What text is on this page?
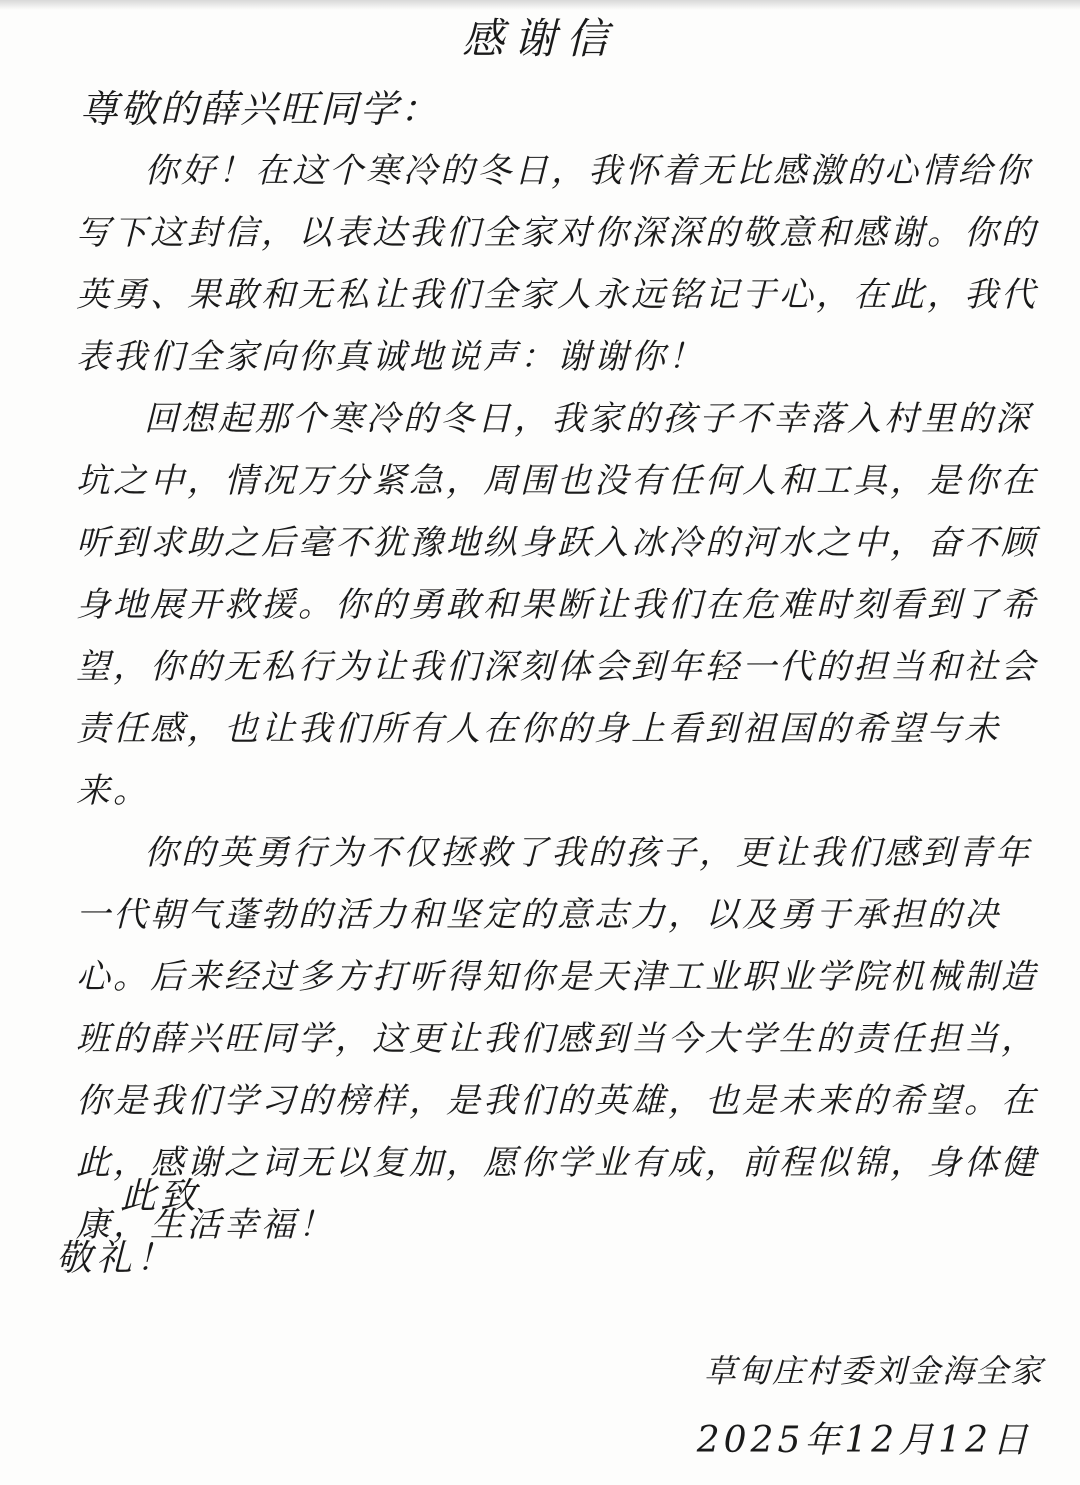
感谢信
尊敬的薛兴旺同学：

你好！在这个寒冷的冬日，我怀着无比感激的心情给你写下这封信，以表达我们全家对你深深的敬意和感谢。你的英勇、果敢和无私让我们全家人永远铭记于心，在此，我代表我们全家向你真诚地说声：谢谢你！

回想起那个寒冷的冬日，我家的孩子不幸落入村里的深坑之中，情况万分紧急，周围也没有任何人和工具，是你在听到求助之后毫不犹豫地纵身跃入冰冷的河水之中，奋不顾身地展开救援。你的勇敢和果断让我们在危难时刻看到了希望，你的无私行为让我们深刻体会到年轻一代的担当和社会责任感，也让我们所有人在你的身上看到祖国的希望与未来。

你的英勇行为不仅拯救了我的孩子，更让我们感到青年一代朝气蓬勃的活力和坚定的意志力，以及勇于承担的决心。后来经过多方打听得知你是天津工业职业学院机械制造班的薛兴旺同学，这更让我们感到当今大学生的责任担当，你是我们学习的榜样，是我们的英雄，也是未来的希望。在此，感谢之词无以复加，愿你学业有成，前程似锦，身体健康，生活幸福！

此致
敬礼！
草甸庄村委刘金海全家
2025年12月12日
